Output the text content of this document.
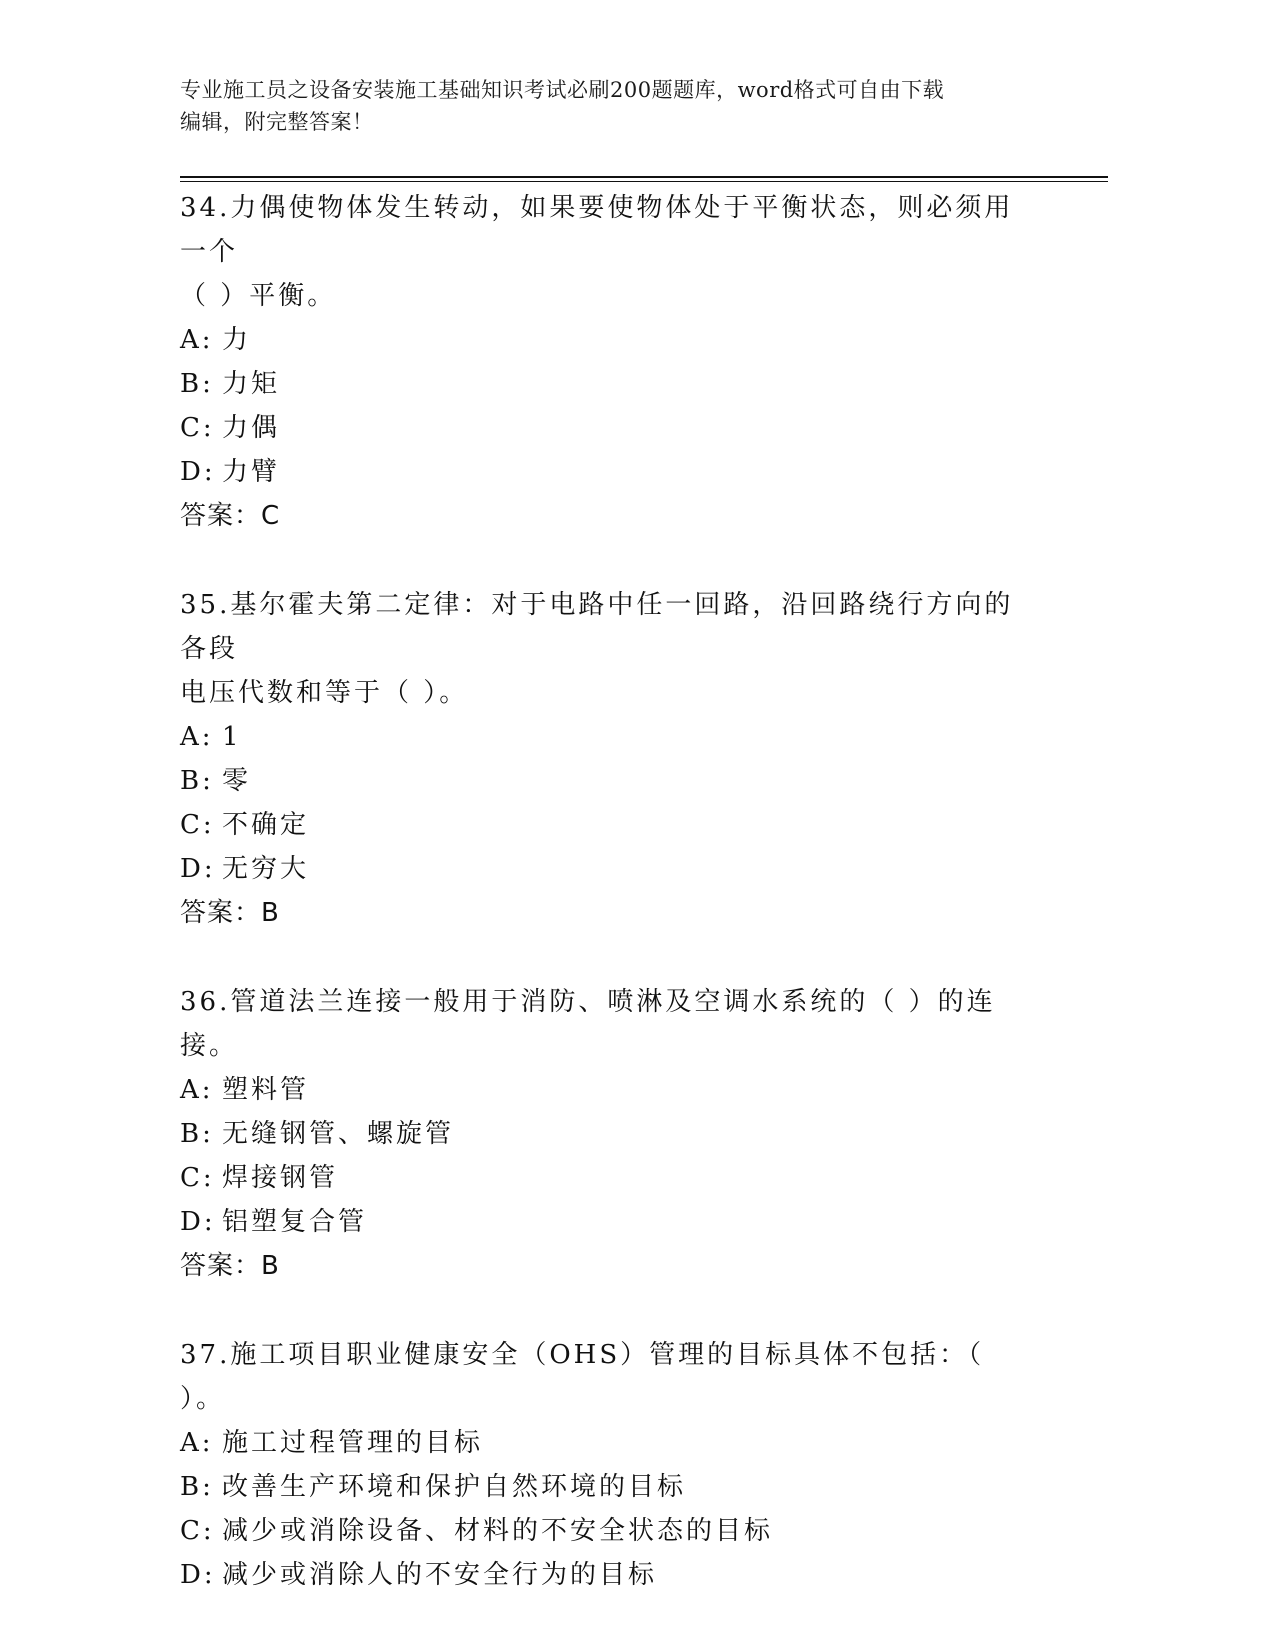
专业施工员之设备安装施工基础知识考试必刷200题题库，word格式可自由下载
编辑，附完整答案！
34.力偶使物体发生转动，如果要使物体处于平衡状态，则必须用一个
（ ）平衡。
A: 力
B: 力矩
C: 力偶
D: 力臂
答案：C
35.基尔霍夫第二定律：对于电路中任一回路，沿回路绕行方向的各段
电压代数和等于（ ）。
A: 1
B: 零
C: 不确定
D: 无穷大
答案：B
36.管道法兰连接一般用于消防、喷淋及空调水系统的（ ）的连接。
A: 塑料管
B: 无缝钢管、螺旋管
C: 焊接钢管
D: 铝塑复合管
答案：B
37.施工项目职业健康安全（OHS）管理的目标具体不包括：（ ）。
A: 施工过程管理的目标
B: 改善生产环境和保护自然环境的目标
C: 减少或消除设备、材料的不安全状态的目标
D: 减少或消除人的不安全行为的目标
